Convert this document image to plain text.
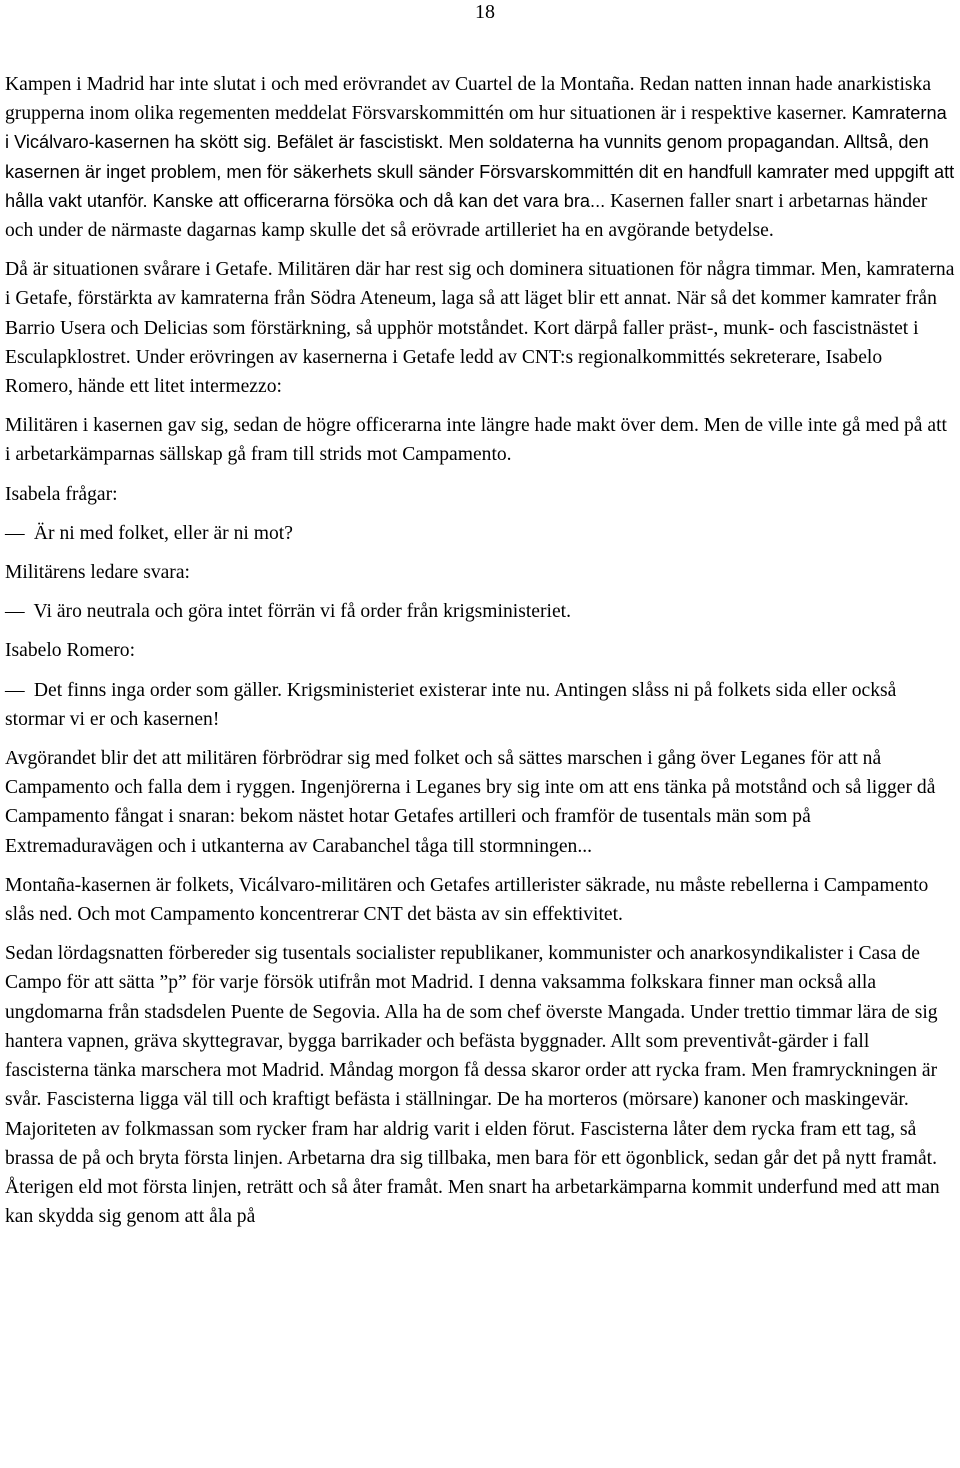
18

Kampen i Madrid har inte slutat i och med erövrandet av Cuartel de la Montaña. Redan natten innan hade anarkistiska grupperna inom olika regementen meddelat Försvarskommittén om hur situationen är i respektive kaserner. Kamraterna i Vicálvaro-kasernen ha skött sig. Befälet är fascistiskt. Men soldaterna ha vunnits genom propagandan. Alltså, den kasernen är inget problem, men för säkerhets skull sänder Försvarskommittén dit en handfull kamrater med uppgift att hålla vakt utanför. Kanske att officerarna försöka och då kan det vara bra... Kasernen faller snart i arbetarnas händer och under de närmaste dagarnas kamp skulle det så erövrade artilleriet ha en avgörande betydelse.

Då är situationen svårare i Getafe. Militären där har rest sig och dominera situationen för några timmar. Men, kamraterna i Getafe, förstärkta av kamraterna från Södra Ateneum, laga så att läget blir ett annat. När så det kommer kamrater från Barrio Usera och Delicias som förstärkning, så upphör motståndet. Kort därpå faller präst-, munk- och fascistnästet i Esculapklostret. Under erövringen av kasernerna i Getafe ledd av CNT:s regionalkommittés sekreterare, Isabelo Romero, hände ett litet intermezzo:

Militären i kasernen gav sig, sedan de högre officerarna inte längre hade makt över dem. Men de ville inte gå med på att i arbetarkämparnas sällskap gå fram till strids mot Campamento.

Isabela frågar:

— Är ni med folket, eller är ni mot?

Militärens ledare svara:

— Vi äro neutrala och göra intet förrän vi få order från krigsministeriet.

Isabelo Romero:

— Det finns inga order som gäller. Krigsministeriet existerar inte nu. Antingen slåss ni på folkets sida eller också stormar vi er och kasernen!

Avgörandet blir det att militären förbrödrar sig med folket och så sättes marschen i gång över Leganes för att nå Campamento och falla dem i ryggen. Ingenjörerna i Leganes bry sig inte om att ens tänka på motstånd och så ligger då Campamento fångat i snaran: bekom nästet hotar Getafes artilleri och framför de tusentals män som på Extremaduravägen och i utkanterna av Carabanchel tåga till stormningen...

Montaña-kasernen är folkets, Vicálvaro-militären och Getafes artillerister säkrade, nu måste rebellerna i Campamento slås ned. Och mot Campamento koncentrerar CNT det bästa av sin effektivitet.

Sedan lördagsnatten förbereder sig tusentals socialister republikaner, kommunister och anarkosyndikalister i Casa de Campo för att sätta ”p” för varje försök utifrån mot Madrid. I denna vaksamma folkskara finner man också alla ungdomarna från stadsdelen Puente de Segovia. Alla ha de som chef överste Mangada. Under trettio timmar lära de sig hantera vapnen, gräva skyttegravar, bygga barrikader och befästa byggnader. Allt som preventivåt-gärder i fall fascisterna tänka marschera mot Madrid. Måndag morgon få dessa skaror order att rycka fram. Men framryckningen är svår. Fascisterna ligga väl till och kraftigt befästa i ställningar. De ha morteros (mörsare) kanoner och maskingevär. Majoriteten av folkmassan som rycker fram har aldrig varit i elden förut. Fascisterna låter dem rycka fram ett tag, så brassa de på och bryta första linjen. Arbetarna dra sig tillbaka, men bara för ett ögonblick, sedan går det på nytt framåt. Återigen eld mot första linjen, reträtt och så åter framåt. Men snart ha arbetarkämparna kommit underfund med att man kan skydda sig genom att åla på
